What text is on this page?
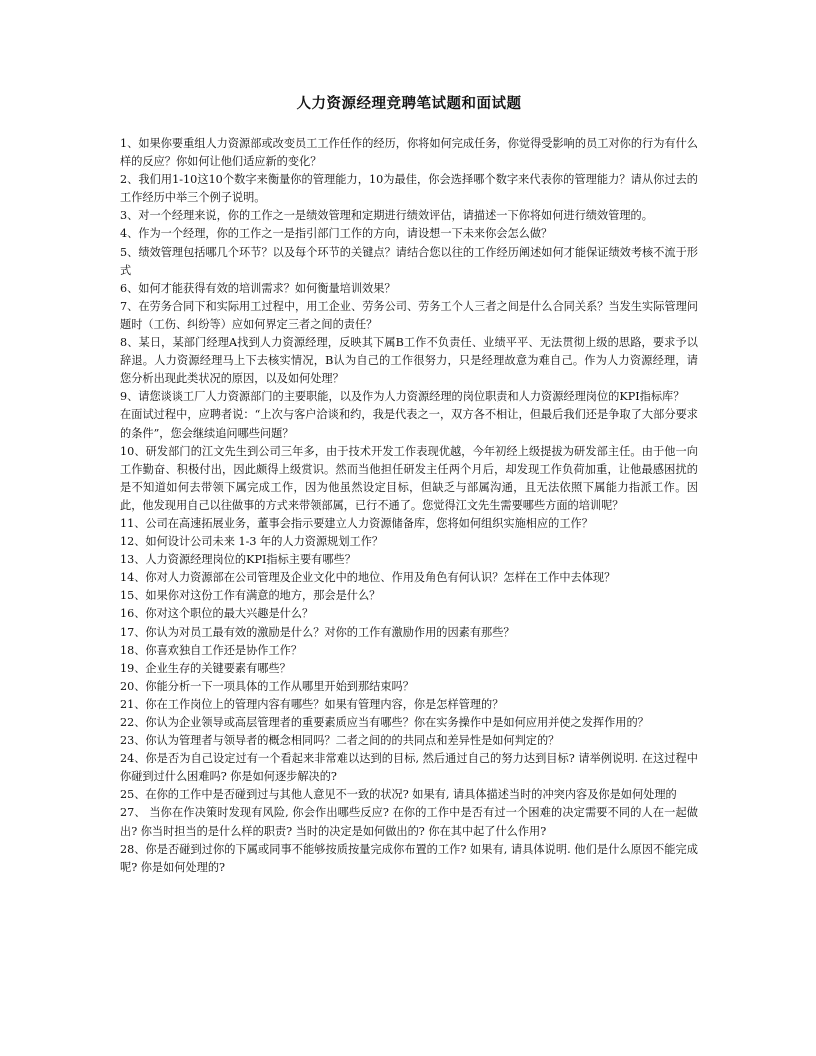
人力资源经理竞聘笔试题和面试题

1、如果你要重组人力资源部或改变员工工作任作的经历，你将如何完成任务，你觉得受影响的员工对你的行为有什么样的反应？你如何让他们适应新的变化？

2、我们用1-10这10个数字来衡量你的管理能力，10为最佳，你会选择哪个数字来代表你的管理能力？请从你过去的工作经历中举三个例子说明。

3、对一个经理来说，你的工作之一是绩效管理和定期进行绩效评估，请描述一下你将如何进行绩效管理的。

4、作为一个经理，你的工作之一是指引部门工作的方向，请设想一下未来你会怎么做？

5、绩效管理包括哪几个环节？以及每个环节的关键点？请结合您以往的工作经历阐述如何才能保证绩效考核不流于形式

6、如何才能获得有效的培训需求？如何衡量培训效果？

7、在劳务合同下和实际用工过程中，用工企业、劳务公司、劳务工个人三者之间是什么合同关系？当发生实际管理问题时（工伤、纠纷等）应如何界定三者之间的责任？

8、某日，某部门经理A找到人力资源经理，反映其下属B工作不负责任、业绩平平、无法贯彻上级的思路，要求予以辞退。人力资源经理马上下去核实情况，B认为自己的工作很努力，只是经理故意为难自己。作为人力资源经理，请您分析出现此类状况的原因，以及如何处理？

9、请您谈谈工厂人力资源部门的主要职能，以及作为人力资源经理的岗位职责和人力资源经理岗位的KPI指标库？

在面试过程中，应聘者说：“上次与客户洽谈和约，我是代表之一，双方各不相让，但最后我们还是争取了大部分要求的条件”，您会继续追问哪些问题？

10、研发部门的江文先生到公司三年多，由于技术开发工作表现优越，今年初经上级提拔为研发部主任。由于他一向工作勤奋、积极付出，因此颇得上级赏识。然而当他担任研发主任两个月后，却发现工作负荷加重，让他最感困扰的是不知道如何去带领下属完成工作，因为他虽然设定目标，但缺乏与部属沟通，且无法依照下属能力指派工作。因此，他发现用自己以往做事的方式来带领部属，已行不通了。您觉得江文先生需要哪些方面的培训呢？

11、公司在高速拓展业务，董事会指示要建立人力资源储备库，您将如何组织实施相应的工作？

12、如何设计公司未来 1-3 年的人力资源规划工作？

13、人力资源经理岗位的KPI指标主要有哪些？

14、你对人力资源部在公司管理及企业文化中的地位、作用及角色有何认识？怎样在工作中去体现？

15、如果你对这份工作有满意的地方，那会是什么？

16、你对这个职位的最大兴趣是什么？

17、你认为对员工最有效的激励是什么？对你的工作有激励作用的因素有那些？

18、你喜欢独自工作还是协作工作？

19、企业生存的关键要素有哪些？

20、你能分析一下一项具体的工作从哪里开始到那结束吗？

21、你在工作岗位上的管理内容有哪些？如果有管理内容，你是怎样管理的？

22、你认为企业领导或高层管理者的重要素质应当有哪些？你在实务操作中是如何应用并使之发挥作用的？

23、你认为管理者与领导者的概念相同吗？二者之间的的共同点和差异性是如何判定的？

24、你是否为自己设定过有一个看起来非常难以达到的目标, 然后通过自己的努力达到目标? 请举例说明. 在这过程中你碰到过什么困难吗? 你是如何逐步解决的?

25、在你的工作中是否碰到过与其他人意见不一致的状况? 如果有, 请具体描述当时的冲突内容及你是如何处理的

27、 当你在作决策时发现有风险, 你会作出哪些反应? 在你的工作中是否有过一个困难的决定需要不同的人在一起做出? 你当时担当的是什么样的职责? 当时的决定是如何做出的? 你在其中起了什么作用?

28、你是否碰到过你的下属或同事不能够按质按量完成你布置的工作? 如果有, 请具体说明. 他们是什么原因不能完成呢? 你是如何处理的?
